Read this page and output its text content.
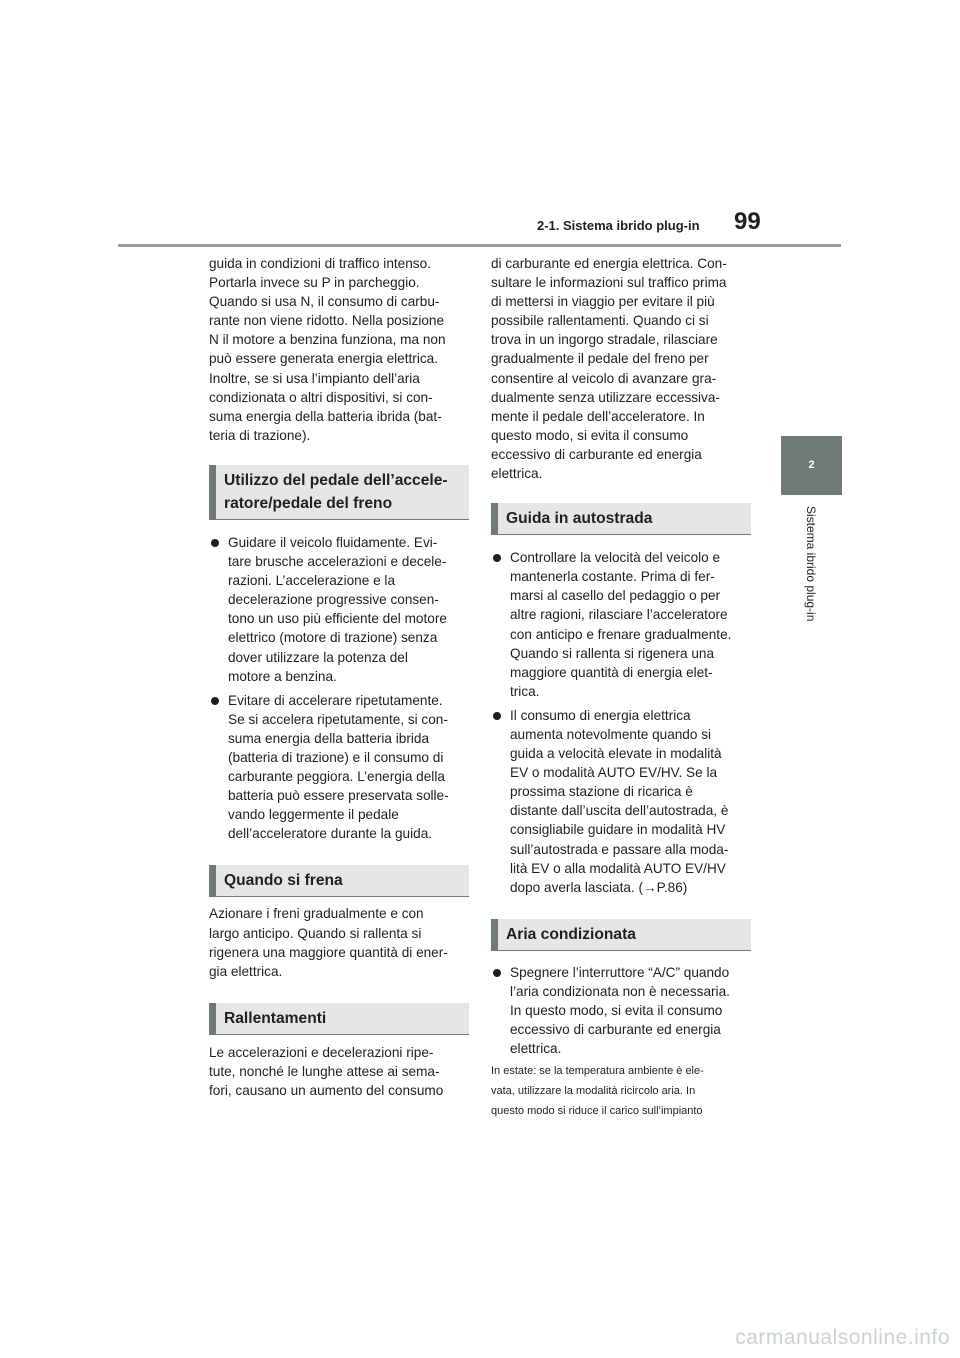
2-1. Sistema ibrido plug-in 99
2
Sistema ibrido plug-in

guida in condizioni di traffico intenso.
Portarla invece su P in parcheggio.
Quando si usa N, il consumo di carbu-
rante non viene ridotto. Nella posizione
N il motore a benzina funziona, ma non
può essere generata energia elettrica.
Inoltre, se si usa l’impianto dell’aria
condizionata o altri dispositivi, si con-
suma energia della batteria ibrida (bat-
teria di trazione).

Utilizzo del pedale dell’accele-
ratore/pedale del freno
Guidare il veicolo fluidamente. Evi-
tare brusche accelerazioni e decele-
razioni. L’accelerazione e la
decelerazione progressive consen-
tono un uso più efficiente del motore
elettrico (motore di trazione) senza
dover utilizzare la potenza del
motore a benzina.
Evitare di accelerare ripetutamente.
Se si accelera ripetutamente, si con-
suma energia della batteria ibrida
(batteria di trazione) e il consumo di
carburante peggiora. L’energia della
batteria può essere preservata solle-
vando leggermente il pedale
dell’acceleratore durante la guida.
Quando si frena

Azionare i freni gradualmente e con
largo anticipo. Quando si rallenta si
rigenera una maggiore quantità di ener-
gia elettrica.

Rallentamenti

Le accelerazioni e decelerazioni ripe-
tute, nonché le lunghe attese ai sema-
fori, causano un aumento del consumo

di carburante ed energia elettrica. Con-
sultare le informazioni sul traffico prima
di mettersi in viaggio per evitare il più
possibile rallentamenti. Quando ci si
trova in un ingorgo stradale, rilasciare
gradualmente il pedale del freno per
consentire al veicolo di avanzare gra-
dualmente senza utilizzare eccessiva-
mente il pedale dell’acceleratore. In
questo modo, si evita il consumo
eccessivo di carburante ed energia
elettrica.

Guida in autostrada
Controllare la velocità del veicolo e
mantenerla costante. Prima di fer-
marsi al casello del pedaggio o per
altre ragioni, rilasciare l’acceleratore
con anticipo e frenare gradualmente.
Quando si rallenta si rigenera una
maggiore quantità di energia elet-
trica.
Il consumo di energia elettrica
aumenta notevolmente quando si
guida a velocità elevate in modalità
EV o modalità AUTO EV/HV. Se la
prossima stazione di ricarica è
distante dall’uscita dell’autostrada, è
consigliabile guidare in modalità HV
sull’autostrada e passare alla moda-
lità EV o alla modalità AUTO EV/HV
dopo averla lasciata. (→P.86)
Aria condizionata
Spegnere l’interruttore “A/C” quando
l’aria condizionata non è necessaria.
In questo modo, si evita il consumo
eccessivo di carburante ed energia
elettrica.

In estate: se la temperatura ambiente è ele-
vata, utilizzare la modalità ricircolo aria. In
questo modo si riduce il carico sull’impianto

carmanualsonline.info
